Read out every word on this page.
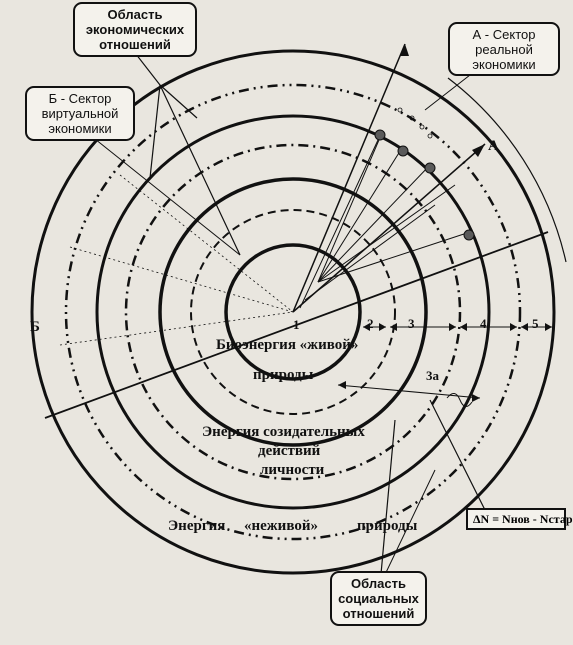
Область
экономических
отношений
Б - Сектор
виртуальной
экономики
А - Сектор
реальной
экономики
Область
социальных
отношений
Б
А
1	2	3
3а
4	5
Биоэнергия «живой»
природы
Энергия созидательных
действий
личности
Энергия «неживой»	природы	ΔN = Nнов - Nстар
